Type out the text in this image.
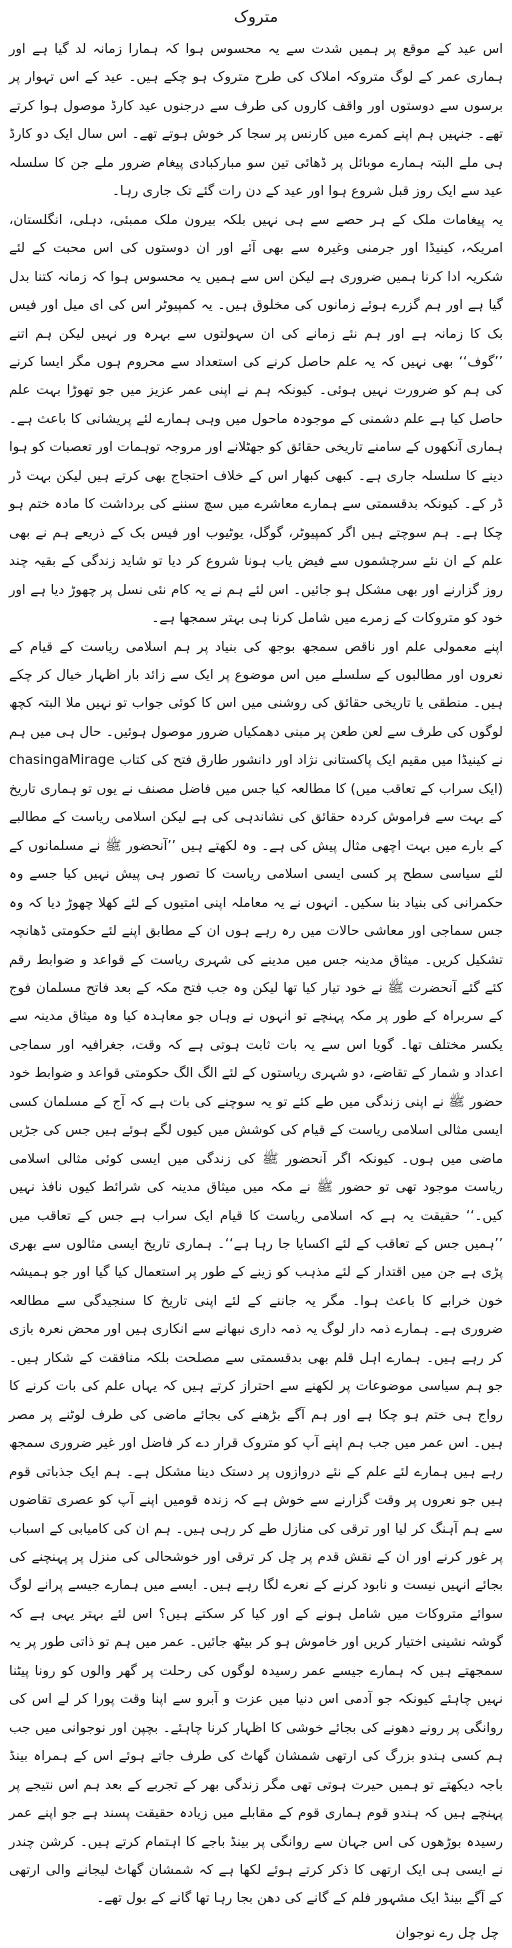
متروک

اس عید کے موقع پر ہمیں شدت سے یہ محسوس ہوا کہ ہمارا زمانہ لد گیا ہے اور ہماری عمر کے لوگ متروکہ املاک کی طرح متروک ہو چکے ہیں۔ عید کے اس تہوار پر برسوں سے دوستوں اور واقف کاروں کی طرف سے درجنوں عید کارڈ موصول ہوا کرتے تھے۔ جنہیں ہم اپنے کمرے میں کارنس پر سجا کر خوش ہوتے تھے۔ اس سال ایک دو کارڈ ہی ملے البتہ ہمارے موبائل پر ڈھائی تین سو مبارکبادی پیغام ضرور ملے جن کا سلسلہ عید سے ایک روز قبل شروع ہوا اور عید کے دن رات گئے تک جاری رہا۔

یہ پیغامات ملک کے ہر حصے سے ہی نہیں بلکہ بیرون ملک ممبئی، دہلی، انگلستان، امریکہ، کینیڈا اور جرمنی وغیرہ سے بھی آئے اور ان دوستوں کی اس محبت کے لئے شکریہ ادا کرنا ہمیں ضروری ہے لیکن اس سے ہمیں یہ محسوس ہوا کہ زمانہ کتنا بدل گیا ہے اور ہم گزرے ہوئے زمانوں کی مخلوق ہیں۔ یہ کمپیوٹر اس کی ای میل اور فیس بک کا زمانہ ہے اور ہم نئے زمانے کی ان سہولتوں سے بہرہ ور نہیں لیکن ہم اتنے ’’گوف‘‘ بھی نہیں کہ یہ علم حاصل کرنے کی استعداد سے محروم ہوں مگر ایسا کرنے کی ہم کو ضرورت نہیں ہوئی۔ کیونکہ ہم نے اپنی عمر عزیز میں جو تھوڑا بہت علم حاصل کیا ہے علم دشمنی کے موجودہ ماحول میں وہی ہمارے لئے پریشانی کا باعث ہے۔ ہماری آنکھوں کے سامنے تاریخی حقائق کو جھٹلانے اور مروجہ توہمات اور تعصبات کو ہوا دینے کا سلسلہ جاری ہے۔ کبھی کبھار اس کے خلاف احتجاج بھی کرتے ہیں لیکن بہت ڈر ڈر کے۔ کیونکہ بدقسمتی سے ہمارے معاشرے میں سچ سننے کی برداشت کا مادہ ختم ہو چکا ہے۔ ہم سوچتے ہیں اگر کمپیوٹر، گوگل، یوٹیوب اور فیس بک کے ذریعے ہم نے بھی علم کے ان نئے سرچشموں سے فیض یاب ہونا شروع کر دیا تو شاید زندگی کے بقیہ چند روز گزارنے اور بھی مشکل ہو جائیں۔ اس لئے ہم نے یہ کام نئی نسل پر چھوڑ دیا ہے اور خود کو متروکات کے زمرے میں شامل کرنا ہی بہتر سمجھا ہے۔

اپنے معمولی علم اور ناقص سمجھ بوجھ کی بنیاد پر ہم اسلامی ریاست کے قیام کے نعروں اور مطالبوں کے سلسلے میں اس موضوع پر ایک سے زائد بار اظہار خیال کر چکے ہیں۔ منطقی یا تاریخی حقائق کی روشنی میں اس کا کوئی جواب تو نہیں ملا البتہ کچھ لوگوں کی طرف سے لعن طعن پر مبنی دھمکیاں ضرور موصول ہوئیں۔ حال ہی میں ہم نے کینیڈا میں مقیم ایک پاکستانی نژاد اور دانشور طارق فتح کی کتاب chasingaMirage (ایک سراب کے تعاقب میں) کا مطالعہ کیا جس میں فاضل مصنف نے یوں تو ہماری تاریخ کے بہت سے فراموش کردہ حقائق کی نشاندہی کی ہے لیکن اسلامی ریاست کے مطالبے کے بارے میں بہت اچھی مثال پیش کی ہے۔ وہ لکھتے ہیں ’’آنحضور ﷺ نے مسلمانوں کے لئے سیاسی سطح پر کسی ایسی اسلامی ریاست کا تصور ہی پیش نہیں کیا جسے وہ حکمرانی کی بنیاد بنا سکیں۔ انہوں نے یہ معاملہ اپنی امتیوں کے لئے کھلا چھوڑ دیا کہ وہ جس سماجی اور معاشی حالات میں رہ رہے ہوں ان کے مطابق اپنے لئے حکومتی ڈھانچہ تشکیل کریں۔ میثاق مدینہ جس میں مدینے کی شہری ریاست کے قواعد و ضوابط رقم کئے گئے آنحضرت ﷺ نے خود تیار کیا تھا لیکن وہ جب فتح مکہ کے بعد فاتح مسلمان فوج کے سربراہ کے طور پر مکہ پہنچے تو انہوں نے وہاں جو معاہدہ کیا وہ میثاق مدینہ سے یکسر مختلف تھا۔ گویا اس سے یہ بات ثابت ہوتی ہے کہ وقت، جغرافیہ اور سماجی اعداد و شمار کے تقاضے، دو شہری ریاستوں کے لئے الگ الگ حکومتی قواعد و ضوابط خود حضور ﷺ نے اپنی زندگی میں طے کئے تو یہ سوچنے کی بات ہے کہ آج کے مسلمان کسی ایسی مثالی اسلامی ریاست کے قیام کی کوشش میں کیوں لگے ہوئے ہیں جس کی جڑیں ماضی میں ہوں۔ کیونکہ اگر آنحضور ﷺ کی زندگی میں ایسی کوئی مثالی اسلامی ریاست موجود تھی تو حضور ﷺ نے مکہ میں میثاق مدینہ کی شرائط کیوں نافذ نہیں کیں۔‘‘ حقیقت یہ ہے کہ اسلامی ریاست کا قیام ایک سراب ہے جس کے تعاقب میں ’’ہمیں جس کے تعاقب کے لئے اکسایا جا رہا ہے‘‘۔ ہماری تاریخ ایسی مثالوں سے بھری پڑی ہے جن میں اقتدار کے لئے مذہب کو زینے کے طور پر استعمال کیا گیا اور جو ہمیشہ خون خرابے کا باعث ہوا۔ مگر یہ جاننے کے لئے اپنی تاریخ کا سنجیدگی سے مطالعہ ضروری ہے۔ ہمارے ذمہ دار لوگ یہ ذمہ داری نبھانے سے انکاری ہیں اور محض نعرہ بازی کر رہے ہیں۔ ہمارے اہل قلم بھی بدقسمتی سے مصلحت بلکہ منافقت کے شکار ہیں۔ جو ہم سیاسی موضوعات پر لکھنے سے احتراز کرتے ہیں کہ یہاں علم کی بات کرنے کا رواج ہی ختم ہو چکا ہے اور ہم آگے بڑھنے کی بجائے ماضی کی طرف لوٹنے پر مصر ہیں۔ اس عمر میں جب ہم اپنے آپ کو متروک قرار دے کر فاضل اور غیر ضروری سمجھ رہے ہیں ہمارے لئے علم کے نئے دروازوں پر دستک دینا مشکل ہے۔ ہم ایک جذباتی قوم ہیں جو نعروں پر وقت گزارنے سے خوش ہے کہ زندہ قومیں اپنے آپ کو عصری تقاضوں سے ہم آہنگ کر لیا اور ترقی کی منازل طے کر رہی ہیں۔ ہم ان کی کامیابی کے اسباب پر غور کرنے اور ان کے نقش قدم پر چل کر ترقی اور خوشحالی کی منزل پر پہنچنے کی بجائے انہیں نیست و نابود کرنے کے نعرے لگا رہے ہیں۔ ایسے میں ہمارے جیسے پرانے لوگ سوائے متروکات میں شامل ہونے کے اور کیا کر سکتے ہیں؟ اس لئے بہتر یہی ہے کہ گوشہ نشینی اختیار کریں اور خاموش ہو کر بیٹھ جائیں۔ عمر میں ہم تو ذاتی طور پر یہ سمجھتے ہیں کہ ہمارے جیسے عمر رسیدہ لوگوں کی رحلت پر گھر والوں کو رونا پیٹنا نہیں چاہئے کیونکہ جو آدمی اس دنیا میں عزت و آبرو سے اپنا وقت پورا کر لے اس کی روانگی پر رونے دھونے کی بجائے خوشی کا اظہار کرنا چاہئے۔ بچپن اور نوجوانی میں جب ہم کسی ہندو بزرگ کی ارتھی شمشان گھاٹ کی طرف جاتے ہوئے اس کے ہمراہ بینڈ باجہ دیکھتے تو ہمیں حیرت ہوتی تھی مگر زندگی بھر کے تجربے کے بعد ہم اس نتیجے پر پہنچے ہیں کہ ہندو قوم ہماری قوم کے مقابلے میں زیادہ حقیقت پسند ہے جو اپنے عمر رسیدہ بوڑھوں کی اس جہان سے روانگی پر بینڈ باجے کا اہتمام کرتے ہیں۔ کرشن چندر نے ایسی ہی ایک ارتھی کا ذکر کرتے ہوئے لکھا ہے کہ شمشان گھاٹ لیجانے والی ارتھی کے آگے بینڈ ایک مشہور فلم کے گانے کی دھن بجا رہا تھا گانے کے بول تھے۔

چل چل رے نوجوان
